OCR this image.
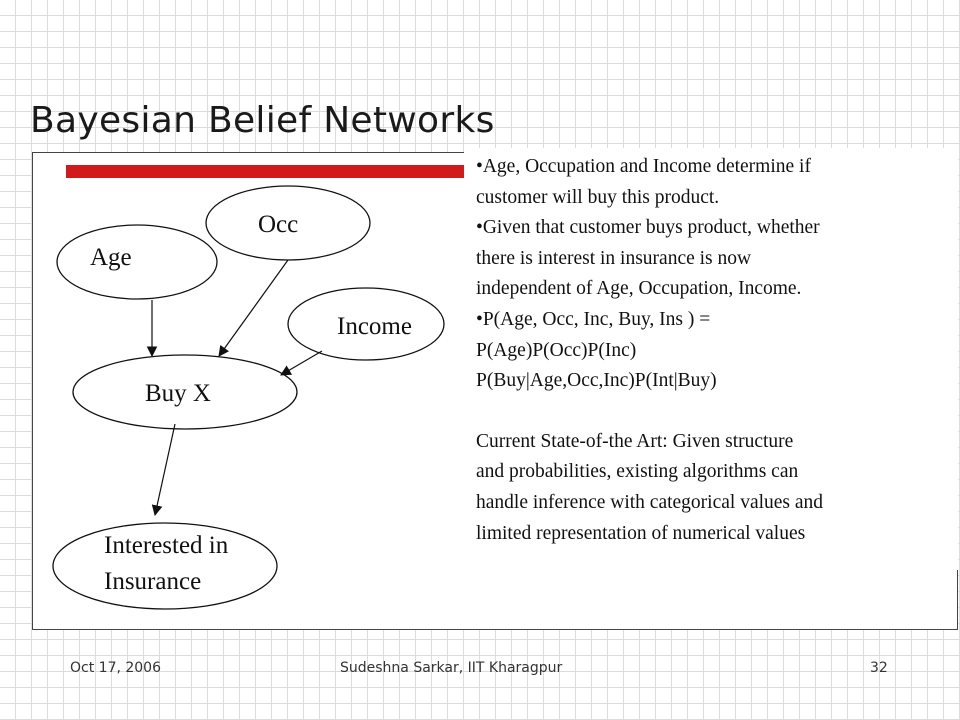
Bayesian Belief Networks
Occ
Age
Income
Buy X
Interested in
Insurance

•Age, Occupation and Income determine if

customer will buy this product.

•Given that customer buys product, whether

there is interest in insurance is now

independent of Age, Occupation, Income.

•P(Age, Occ, Inc, Buy, Ins ) =

P(Age)P(Occ)P(Inc)

P(Buy|Age,Occ,Inc)P(Int|Buy)

Current State-of-the Art: Given structure

and probabilities, existing algorithms can

handle inference with categorical values and

limited representation of numerical values

Oct 17, 2006	Sudeshna Sarkar, IIT Kharagpur	32
